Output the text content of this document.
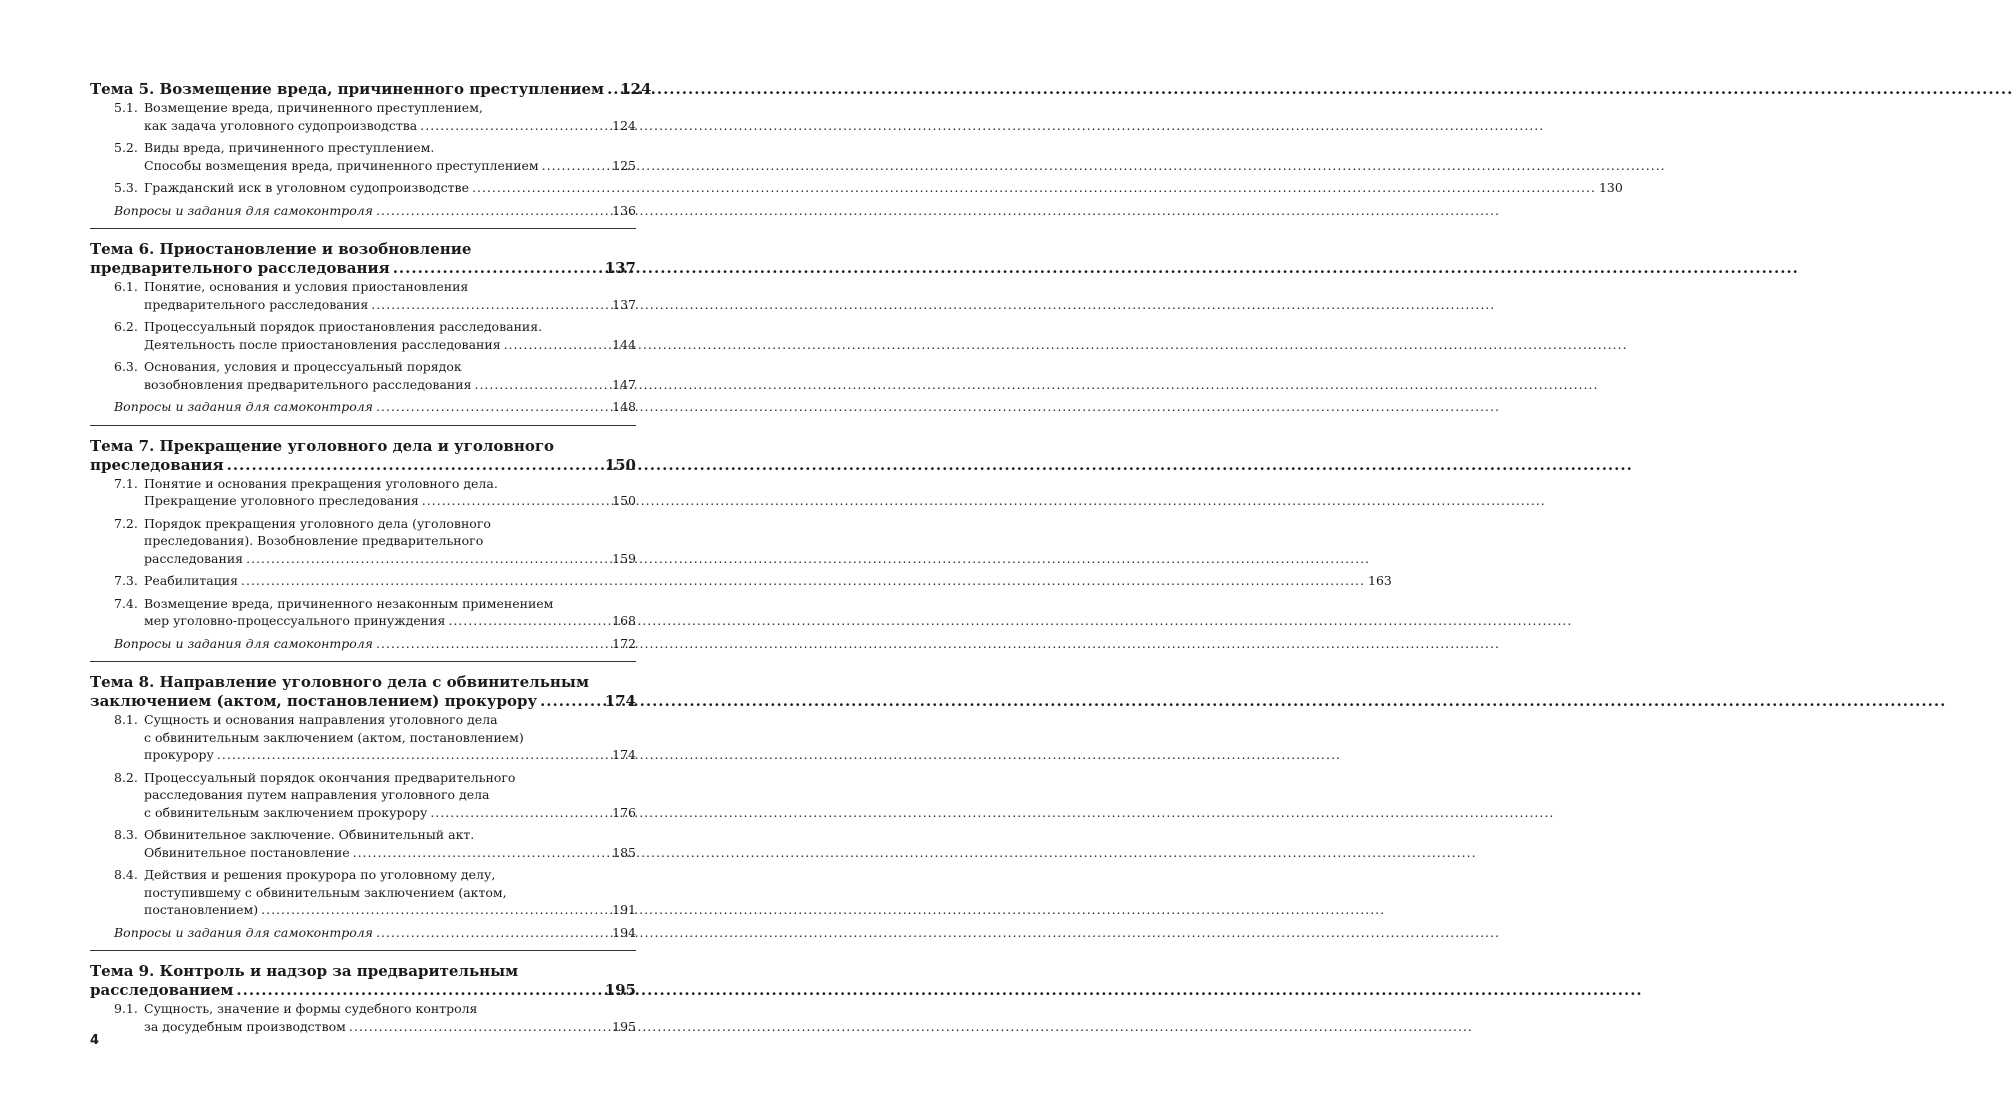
Тема 5. Возмещение вреда, причиненного преступлением ..... 124
5.1. Возмещение вреда, причиненного преступлением,
как задача уголовного судопроизводства .....	124
5.2. Виды вреда, причиненного преступлением.
Способы возмещения вреда, причиненного преступлением .....	125
5.3. Гражданский иск в уголовном судопроизводстве .....	130
Вопросы и задания для самоконтроля .....	136
Тема 6. Приостановление и возобновление
предварительного расследования .....	137
6.1. Понятие, основания и условия приостановления
предварительного расследования .....	137
6.2. Процессуальный порядок приостановления расследования.
Деятельность после приостановления расследования .....	144
6.3. Основания, условия и процессуальный порядок
возобновления предварительного расследования .....	147
Вопросы и задания для самоконтроля .....	148
Тема 7. Прекращение уголовного дела и уголовного
преследования .....	150
7.1. Понятие и основания прекращения уголовного дела.
Прекращение уголовного преследования .....	150
7.2. Порядок прекращения уголовного дела (уголовного
преследования). Возобновление предварительного
расследования .....	159
7.3. Реабилитация .....	163
7.4. Возмещение вреда, причиненного незаконным применением
мер уголовно-процессуального принуждения .....	168
Вопросы и задания для самоконтроля .....	172
Тема 8. Направление уголовного дела с обвинительным
заключением (актом, постановлением) прокурору .....	174
8.1. Сущность и основания направления уголовного дела
с обвинительным заключением (актом, постановлением)
прокурору .....	174
8.2. Процессуальный порядок окончания предварительного
расследования путем направления уголовного дела
с обвинительным заключением прокурору .....	176
8.3. Обвинительное заключение. Обвинительный акт.
Обвинительное постановление .....	185
8.4. Действия и решения прокурора по уголовному делу,
поступившему с обвинительным заключением (актом,
постановлением) .....	191
Вопросы и задания для самоконтроля .....	194
Тема 9. Контроль и надзор за предварительным
расследованием .....	195
9.1. Сущность, значение и формы судебного контроля
за досудебным производством .....	195
4
